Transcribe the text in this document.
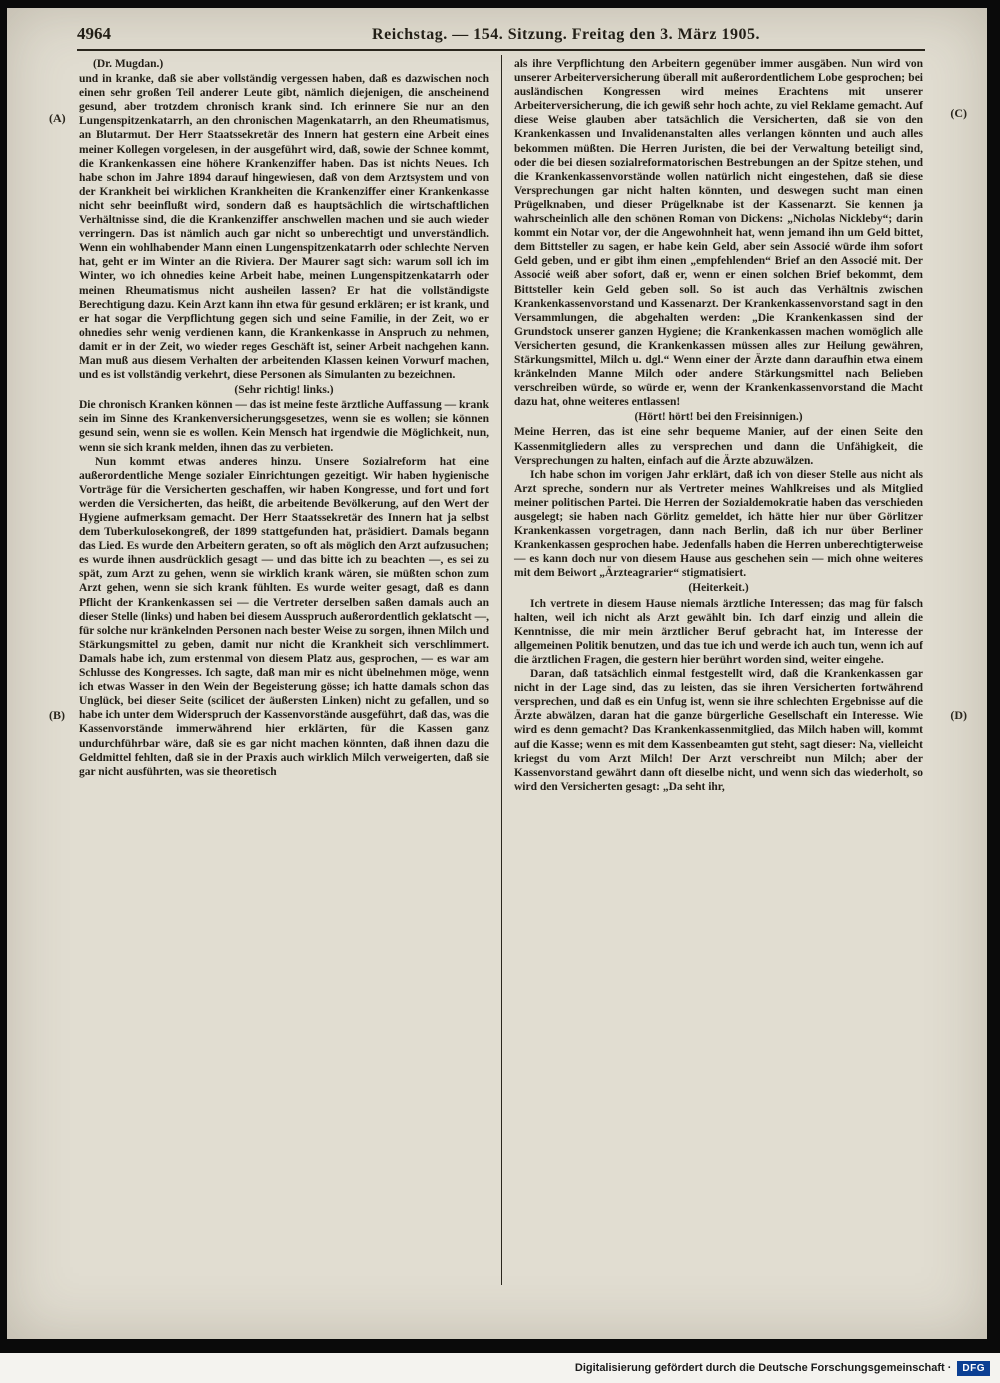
4964	Reichstag. — 154. Sitzung. Freitag den 3. März 1905.

(Dr. Mugdan.)

und in kranke, daß sie aber vollständig vergessen haben, daß es dazwischen noch einen sehr großen Teil anderer Leute gibt, nämlich diejenigen, die anscheinend gesund, aber trotzdem chronisch krank sind. Ich erinnere Sie nur an den Lungenspitzenkatarrh, an den chronischen Magenkatarrh, an den Rheumatismus, an Blutarmut. Der Herr Staatssekretär des Innern hat gestern eine Arbeit eines meiner Kollegen vorgelesen, in der ausgeführt wird, daß, sowie der Schnee kommt, die Krankenkassen eine höhere Krankenziffer haben. Das ist nichts Neues. Ich habe schon im Jahre 1894 darauf hingewiesen, daß von dem Arztsystem und von der Krankheit bei wirklichen Krankheiten die Krankenziffer einer Krankenkasse nicht sehr beeinflußt wird, sondern daß es hauptsächlich die wirtschaftlichen Verhältnisse sind, die die Krankenziffer anschwellen machen und sie auch wieder verringern. Das ist nämlich auch gar nicht so unberechtigt und unverständlich. Wenn ein wohlhabender Mann einen Lungenspitzenkatarrh oder schlechte Nerven hat, geht er im Winter an die Riviera. Der Maurer sagt sich: warum soll ich im Winter, wo ich ohnedies keine Arbeit habe, meinen Lungenspitzenkatarrh oder meinen Rheumatismus nicht ausheilen lassen? Er hat die vollständigste Berechtigung dazu. Kein Arzt kann ihn etwa für gesund erklären; er ist krank, und er hat sogar die Verpflichtung gegen sich und seine Familie, in der Zeit, wo er ohnedies sehr wenig verdienen kann, die Krankenkasse in Anspruch zu nehmen, damit er in der Zeit, wo wieder reges Geschäft ist, seiner Arbeit nachgehen kann. Man muß aus diesem Verhalten der arbeitenden Klassen keinen Vorwurf machen, und es ist vollständig verkehrt, diese Personen als Simulanten zu bezeichnen.

(Sehr richtig! links.)

Die chronisch Kranken können — das ist meine feste ärztliche Auffassung — krank sein im Sinne des Krankenversicherungsgesetzes, wenn sie es wollen; sie können gesund sein, wenn sie es wollen. Kein Mensch hat irgendwie die Möglichkeit, nun, wenn sie sich krank melden, ihnen das zu verbieten.

Nun kommt etwas anderes hinzu. Unsere Sozialreform hat eine außerordentliche Menge sozialer Einrichtungen gezeitigt. Wir haben hygienische Vorträge für die Versicherten geschaffen, wir haben Kongresse, und fort und fort werden die Versicherten, das heißt, die arbeitende Bevölkerung, auf den Wert der Hygiene aufmerksam gemacht. Der Herr Staatssekretär des Innern hat ja selbst dem Tuberkulosekongreß, der 1899 stattgefunden hat, präsidiert. Damals begann das Lied. Es wurde den Arbeitern geraten, so oft als möglich den Arzt aufzusuchen; es wurde ihnen ausdrücklich gesagt — und das bitte ich zu beachten —, es sei zu spät, zum Arzt zu gehen, wenn sie wirklich krank wären, sie müßten schon zum Arzt gehen, wenn sie sich krank fühlten. Es wurde weiter gesagt, daß es dann Pflicht der Krankenkassen sei — die Vertreter derselben saßen damals auch an dieser Stelle (links) und haben bei diesem Ausspruch außerordentlich geklatscht —, für solche nur kränkelnden Personen nach bester Weise zu sorgen, ihnen Milch und Stärkungsmittel zu geben, damit nur nicht die Krankheit sich verschlimmert. Damals habe ich, zum erstenmal von diesem Platz aus, gesprochen, — es war am Schlusse des Kongresses. Ich sagte, daß man mir es nicht übelnehmen möge, wenn ich etwas Wasser in den Wein der Begeisterung gösse; ich hatte damals schon das Unglück, bei dieser Seite (scilicet der äußersten Linken) nicht zu gefallen, und so habe ich unter dem Widerspruch der Kassenvorstände ausgeführt, daß das, was die Kassenvorstände immerwährend hier erklärten, für die Kassen ganz undurchführbar wäre, daß sie es gar nicht machen könnten, daß ihnen dazu die Geldmittel fehlten, daß sie in der Praxis auch wirklich Milch verweigerten, daß sie gar nicht ausführten, was sie theoretisch

als ihre Verpflichtung den Arbeitern gegenüber immer ausgäben. Nun wird von unserer Arbeiterversicherung überall mit außerordentlichem Lobe gesprochen; bei ausländischen Kongressen wird meines Erachtens mit unserer Arbeiterversicherung, die ich gewiß sehr hoch achte, zu viel Reklame gemacht. Auf diese Weise glauben aber tatsächlich die Versicherten, daß sie von den Krankenkassen und Invalidenanstalten alles verlangen könnten und auch alles bekommen müßten. Die Herren Juristen, die bei der Verwaltung beteiligt sind, oder die bei diesen sozialreformatorischen Bestrebungen an der Spitze stehen, und die Krankenkassenvorstände wollen natürlich nicht eingestehen, daß sie diese Versprechungen gar nicht halten könnten, und deswegen sucht man einen Prügelknaben, und dieser Prügelknabe ist der Kassenarzt. Sie kennen ja wahrscheinlich alle den schönen Roman von Dickens: „Nicholas Nickleby“; darin kommt ein Notar vor, der die Angewohnheit hat, wenn jemand ihn um Geld bittet, dem Bittsteller zu sagen, er habe kein Geld, aber sein Associé würde ihm sofort Geld geben, und er gibt ihm einen „empfehlenden“ Brief an den Associé mit. Der Associé weiß aber sofort, daß er, wenn er einen solchen Brief bekommt, dem Bittsteller kein Geld geben soll. So ist auch das Verhältnis zwischen Krankenkassenvorstand und Kassenarzt. Der Krankenkassenvorstand sagt in den Versammlungen, die abgehalten werden: „Die Krankenkassen sind der Grundstock unserer ganzen Hygiene; die Krankenkassen machen womöglich alle Versicherten gesund, die Krankenkassen müssen alles zur Heilung gewähren, Stärkungsmittel, Milch u. dgl.“ Wenn einer der Ärzte dann daraufhin etwa einem kränkelnden Manne Milch oder andere Stärkungsmittel nach Belieben verschreiben würde, so würde er, wenn der Krankenkassenvorstand die Macht dazu hat, ohne weiteres entlassen!

(Hört! hört! bei den Freisinnigen.)

Meine Herren, das ist eine sehr bequeme Manier, auf der einen Seite den Kassenmitgliedern alles zu versprechen und dann die Unfähigkeit, die Versprechungen zu halten, einfach auf die Ärzte abzuwälzen.

Ich habe schon im vorigen Jahr erklärt, daß ich von dieser Stelle aus nicht als Arzt spreche, sondern nur als Vertreter meines Wahlkreises und als Mitglied meiner politischen Partei. Die Herren der Sozialdemokratie haben das verschieden ausgelegt; sie haben nach Görlitz gemeldet, ich hätte hier nur über Görlitzer Krankenkassen vorgetragen, dann nach Berlin, daß ich nur über Berliner Krankenkassen gesprochen habe. Jedenfalls haben die Herren unberechtigterweise — es kann doch nur von diesem Hause aus geschehen sein — mich ohne weiteres mit dem Beiwort „Ärzteagrarier“ stigmatisiert.

(Heiterkeit.)

Ich vertrete in diesem Hause niemals ärztliche Interessen; das mag für falsch halten, weil ich nicht als Arzt gewählt bin. Ich darf einzig und allein die Kenntnisse, die mir mein ärztlicher Beruf gebracht hat, im Interesse der allgemeinen Politik benutzen, und das tue ich und werde ich auch tun, wenn ich auf die ärztlichen Fragen, die gestern hier berührt worden sind, weiter eingehe.

Daran, daß tatsächlich einmal festgestellt wird, daß die Krankenkassen gar nicht in der Lage sind, das zu leisten, das sie ihren Versicherten fortwährend versprechen, und daß es ein Unfug ist, wenn sie ihre schlechten Ergebnisse auf die Ärzte abwälzen, daran hat die ganze bürgerliche Gesellschaft ein Interesse. Wie wird es denn gemacht? Das Krankenkassenmitglied, das Milch haben will, kommt auf die Kasse; wenn es mit dem Kassenbeamten gut steht, sagt dieser: Na, vielleicht kriegst du vom Arzt Milch! Der Arzt verschreibt nun Milch; aber der Kassenvorstand gewährt dann oft dieselbe nicht, und wenn sich das wiederholt, so wird den Versicherten gesagt: „Da seht ihr,

(A)
(B)
(C)
(D)
Digitalisierung gefördert durch die Deutsche Forschungsgemeinschaft ·	DFG
